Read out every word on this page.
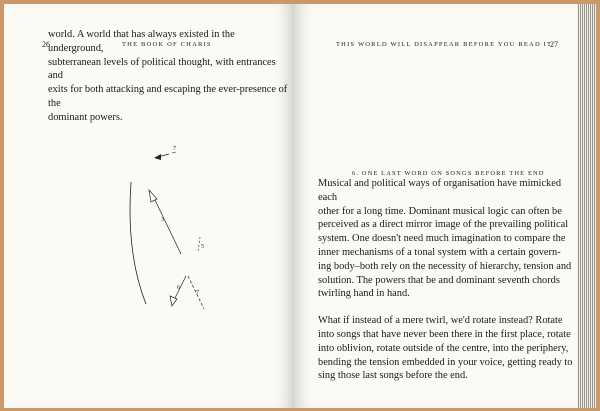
26	THE BOOK OF CHARIS
world. A world that has always existed in the underground,
subterranean levels of political thought, with entrances and
exits for both attacking and escaping the ever-presence of the
dominant powers.
7
3
5
6
7
THIS WORLD WILL DISAPPEAR BEFORE YOU READ IT
27
6. ONE LAST WORD ON SONGS BEFORE THE END

Musical and political ways of organisation have mimicked each
other for a long time. Dominant musical logic can often be
perceived as a direct mirror image of the prevailing political
system. One doesn't need much imagination to compare the
inner mechanisms of a tonal system with a certain govern-
ing body–both rely on the necessity of hierarchy, tension and
solution. The powers that be and dominant seventh chords
twirling hand in hand.

What if instead of a mere twirl, we'd rotate instead? Rotate
into songs that have never been there in the first place, rotate
into oblivion, rotate outside of the centre, into the periphery,
bending the tension embedded in your voice, getting ready to
sing those last songs before the end.
